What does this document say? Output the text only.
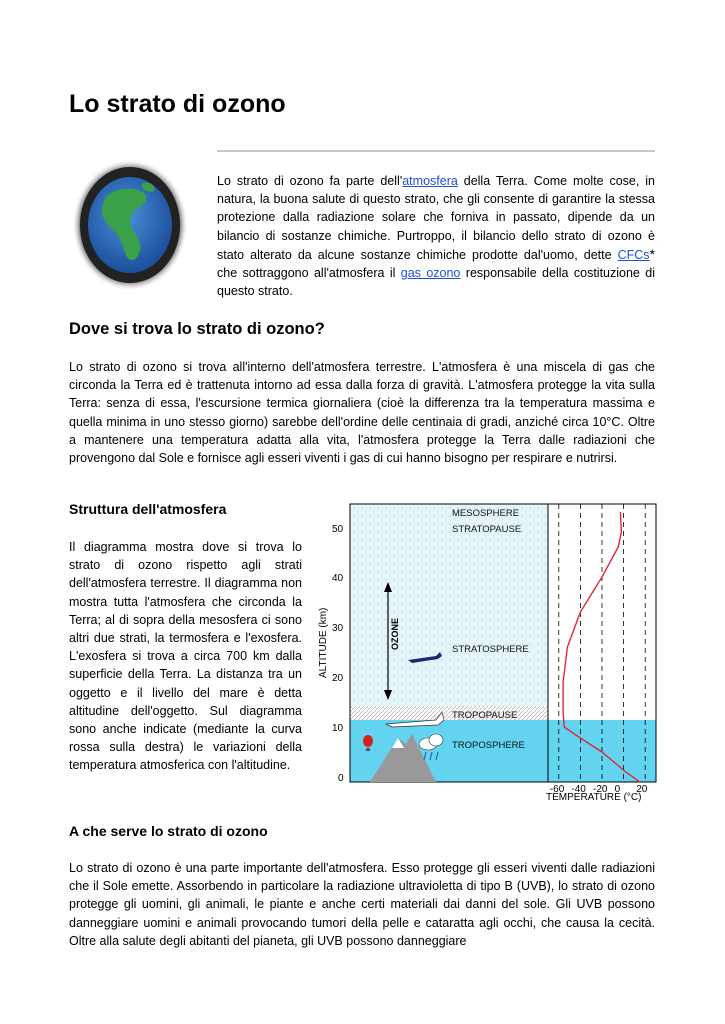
Lo strato di ozono

Lo strato di ozono fa parte dell'atmosfera della Terra. Come molte cose, in natura, la buona salute di questo strato, che gli consente di garantire la stessa protezione dalla radiazione solare che forniva in passato, dipende da un bilancio di sostanze chimiche. Purtroppo, il bilancio dello strato di ozono è stato alterato da alcune sostanze chimiche prodotte dal'uomo, dette CFCs* che sottraggono all'atmosfera il gas ozono responsabile della costituzione di questo strato.

Dove si trova lo strato di ozono?

Lo strato di ozono si trova all'interno dell'atmosfera terrestre. L'atmosfera è una miscela di gas che circonda la Terra ed è trattenuta intorno ad essa dalla forza di gravità. L'atmosfera protegge la vita sulla Terra: senza di essa, l'escursione termica giornaliera (cioè la differenza tra la temperatura massima e quella minima in uno stesso giorno) sarebbe dell'ordine delle centinaia di gradi, anziché circa 10°C. Oltre a mantenere una temperatura adatta alla vita, l'atmosfera protegge la Terra dalle radiazioni che provengono dal Sole e fornisce agli esseri viventi i gas di cui hanno bisogno per respirare e nutrirsi.

Struttura dell'atmosfera

Il diagramma mostra dove si trova lo strato di ozono rispetto agli strati dell'atmosfera terrestre. Il diagramma non mostra tutta l'atmosfera che circonda la Terra; al di sopra della mesosfera ci sono altri due strati, la termosfera e l'exosfera. L'exosfera si trova a circa 700 km dalla superficie della Terra. La distanza tra un oggetto e il livello del mare è detta altitudine dell'oggetto. Sul diagramma sono anche indicate (mediante la curva rossa sulla destra) le variazioni della temperatura atmosferica con l'altitudine.

50
40
30
20
10
0
ALTITUDE (km)
MESOSPHERE
STRATOPAUSE
STRATOSPHERE
TROPOPAUSE
TROPOSPHERE
OZONE
-60 -40 -20 0 20
TEMPERATURE (°C)
A che serve lo strato di ozono

Lo strato di ozono è una parte importante dell'atmosfera. Esso protegge gli esseri viventi dalle radiazioni che il Sole emette. Assorbendo in particolare la radiazione ultravioletta di tipo B (UVB), lo strato di ozono protegge gli uomini, gli animali, le piante e anche certi materiali dai danni del sole. Gli UVB possono danneggiare uomini e animali provocando tumori della pelle e cataratta agli occhi, che causa la cecità. Oltre alla salute degli abitanti del pianeta, gli UVB possono danneggiare
